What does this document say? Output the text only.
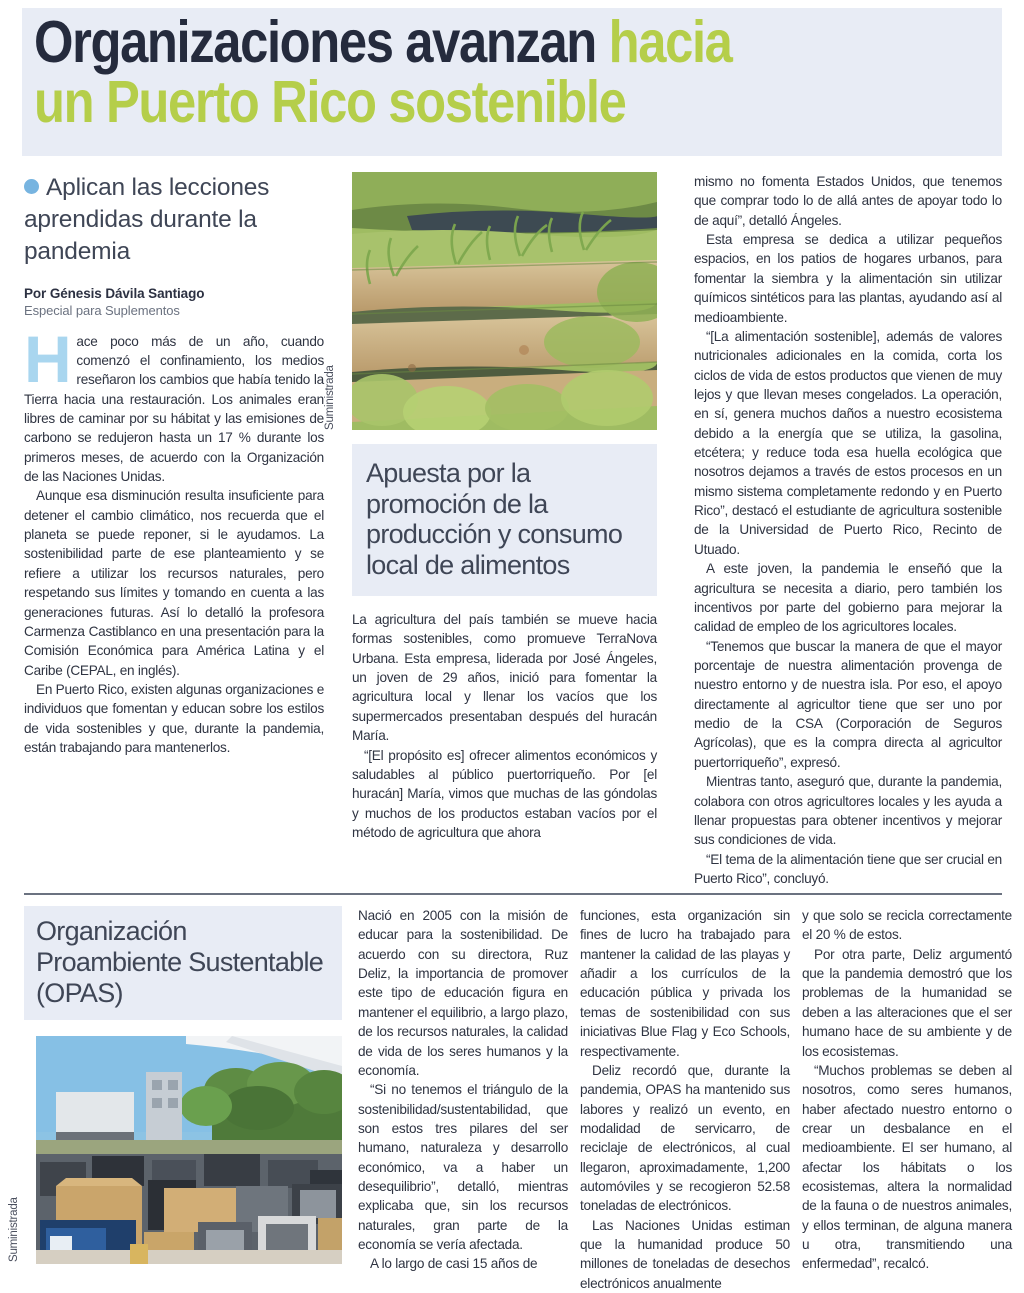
Organizaciones avanzan hacia
un Puerto Rico sostenible
Aplican las lecciones aprendidas durante la pandemia
Por Génesis Dávila Santiago
Especial para Suplementos

Hace poco más de un año, cuando comenzó el confinamiento, los medios reseñaron los cambios que había tenido la Tierra hacia una restauración. Los animales eran libres de caminar por su hábitat y las emisiones de carbono se redujeron hasta un 17 % durante los primeros meses, de acuerdo con la Organización de las Naciones Unidas.

Aunque esa disminución resulta insuficiente para detener el cambio climático, nos recuerda que el planeta se puede reponer, si le ayudamos. La sostenibilidad parte de ese planteamiento y se refiere a utilizar los recursos naturales, pero respetando sus límites y tomando en cuenta a las generaciones futuras. Así lo detalló la profesora Carmenza Castiblanco en una presentación para la Comisión Económica para América Latina y el Caribe (CEPAL, en inglés).

En Puerto Rico, existen algunas organizaciones e individuos que fomentan y educan sobre los estilos de vida sostenibles y que, durante la pandemia, están trabajando para mantenerlos.

Suministrada
Apuesta por la promoción de la producción y consumo local de alimentos

La agricultura del país también se mueve hacia formas sostenibles, como promueve TerraNova Urbana. Esta empresa, liderada por José Ángeles, un joven de 29 años, inició para fomentar la agricultura local y llenar los vacíos que los supermercados presentaban después del huracán María.

“[El propósito es] ofrecer alimentos económicos y saludables al público puertorriqueño. Por [el huracán] María, vimos que muchas de las góndolas y muchos de los productos estaban vacíos por el método de agricultura que ahora

mismo no fomenta Estados Unidos, que tenemos que comprar todo lo de allá antes de apoyar todo lo de aquí”, detalló Ángeles.

Esta empresa se dedica a utilizar pequeños espacios, en los patios de hogares urbanos, para fomentar la siembra y la alimentación sin utilizar químicos sintéticos para las plantas, ayudando así al medioambiente.

“[La alimentación sostenible], además de valores nutricionales adicionales en la comida, corta los ciclos de vida de estos productos que vienen de muy lejos y que llevan meses congelados. La operación, en sí, genera muchos daños a nuestro ecosistema debido a la energía que se utiliza, la gasolina, etcétera; y reduce toda esa huella ecológica que nosotros dejamos a través de estos procesos en un mismo sistema completamente redondo y en Puerto Rico”, destacó el estudiante de agricultura sostenible de la Universidad de Puerto Rico, Recinto de Utuado.

A este joven, la pandemia le enseñó que la agricultura se necesita a diario, pero también los incentivos por parte del gobierno para mejorar la calidad de empleo de los agricultores locales.

“Tenemos que buscar la manera de que el mayor porcentaje de nuestra alimentación provenga de nuestro entorno y de nuestra isla. Por eso, el apoyo directamente al agricultor tiene que ser uno por medio de la CSA (Corporación de Seguros Agrícolas), que es la compra directa al agricultor puertorriqueño”, expresó.

Mientras tanto, aseguró que, durante la pandemia, colabora con otros agricultores locales y les ayuda a llenar propuestas para obtener incentivos y mejorar sus condiciones de vida.

“El tema de la alimentación tiene que ser crucial en Puerto Rico”, concluyó.

Organización Proambiente Sustentable (OPAS)
Suministrada

Nació en 2005 con la misión de educar para la sostenibilidad. De acuerdo con su directora, Ruz Deliz, la importancia de promover este tipo de educación figura en mantener el equilibrio, a largo plazo, de los recursos naturales, la calidad de vida de los seres humanos y la economía.

“Si no tenemos el triángulo de la sostenibilidad/sustentabilidad, que son estos tres pilares del ser humano, naturaleza y desarrollo económico, va a haber un desequilibrio”, detalló, mientras explicaba que, sin los recursos naturales, gran parte de la economía se vería afectada.

A lo largo de casi 15 años de

funciones, esta organización sin fines de lucro ha trabajado para mantener la calidad de las playas y añadir a los currículos de la educación pública y privada los temas de sostenibilidad con sus iniciativas Blue Flag y Eco Schools, respectivamente.

Deliz recordó que, durante la pandemia, OPAS ha mantenido sus labores y realizó un evento, en modalidad de servicarro, de reciclaje de electrónicos, al cual llegaron, aproximadamente, 1,200 automóviles y se recogieron 52.58 toneladas de electrónicos.

Las Naciones Unidas estiman que la humanidad produce 50 millones de toneladas de desechos electrónicos anualmente

y que solo se recicla correctamente el 20 % de estos.

Por otra parte, Deliz argumentó que la pandemia demostró que los problemas de la humanidad se deben a las alteraciones que el ser humano hace de su ambiente y de los ecosistemas.

“Muchos problemas se deben al nosotros, como seres humanos, haber afectado nuestro entorno o crear un desbalance en el medioambiente. El ser humano, al afectar los hábitats o los ecosistemas, altera la normalidad de la fauna o de nuestros animales, y ellos terminan, de alguna manera u otra, transmitiendo una enfermedad”, recalcó.
